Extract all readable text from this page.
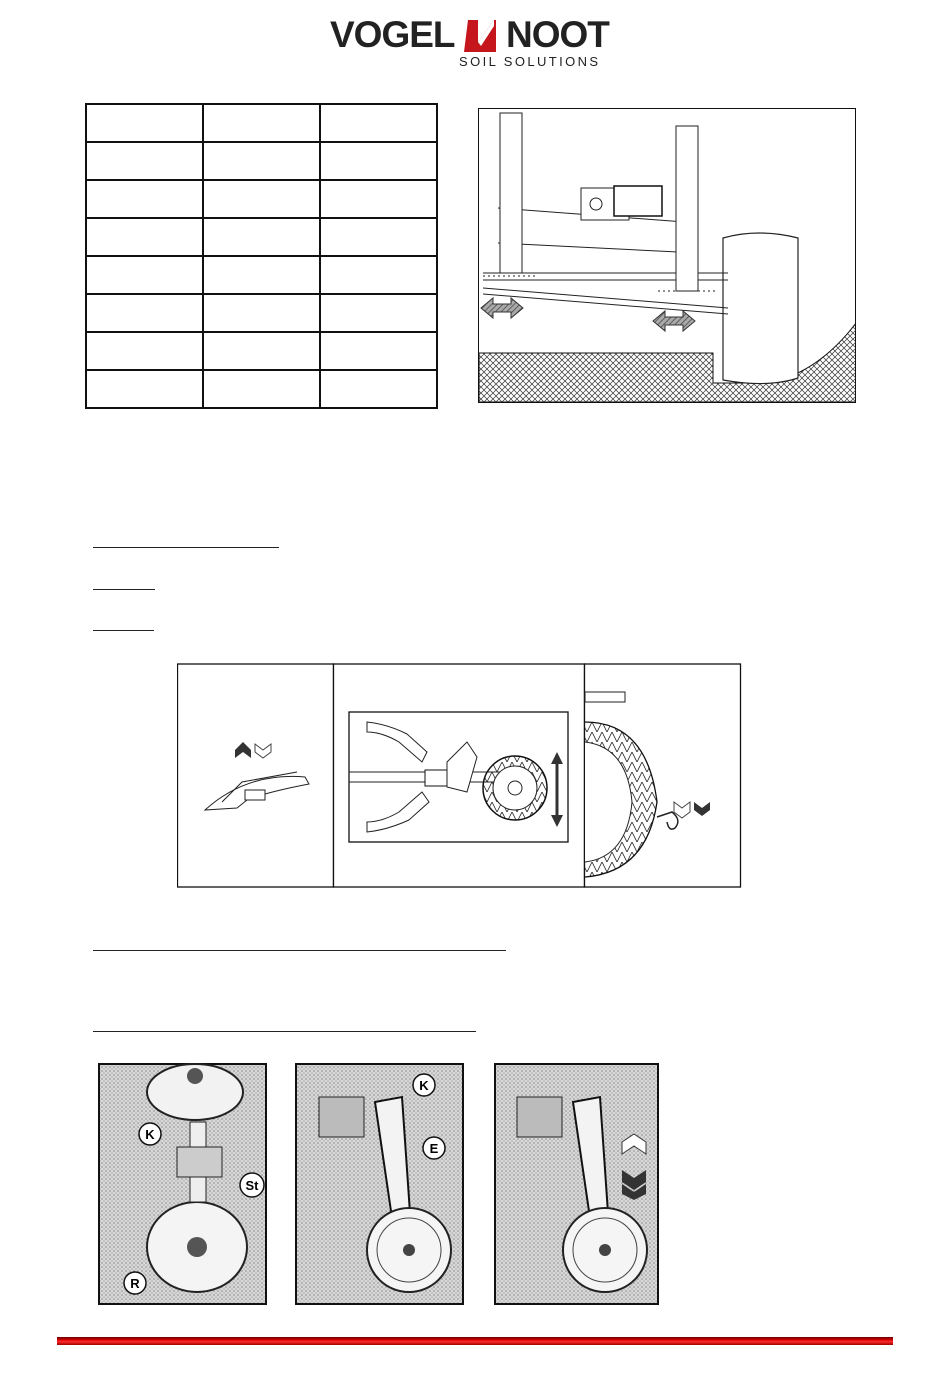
VOGEL NOOT
SOIL SOLUTIONS

K
St
R
K
E
